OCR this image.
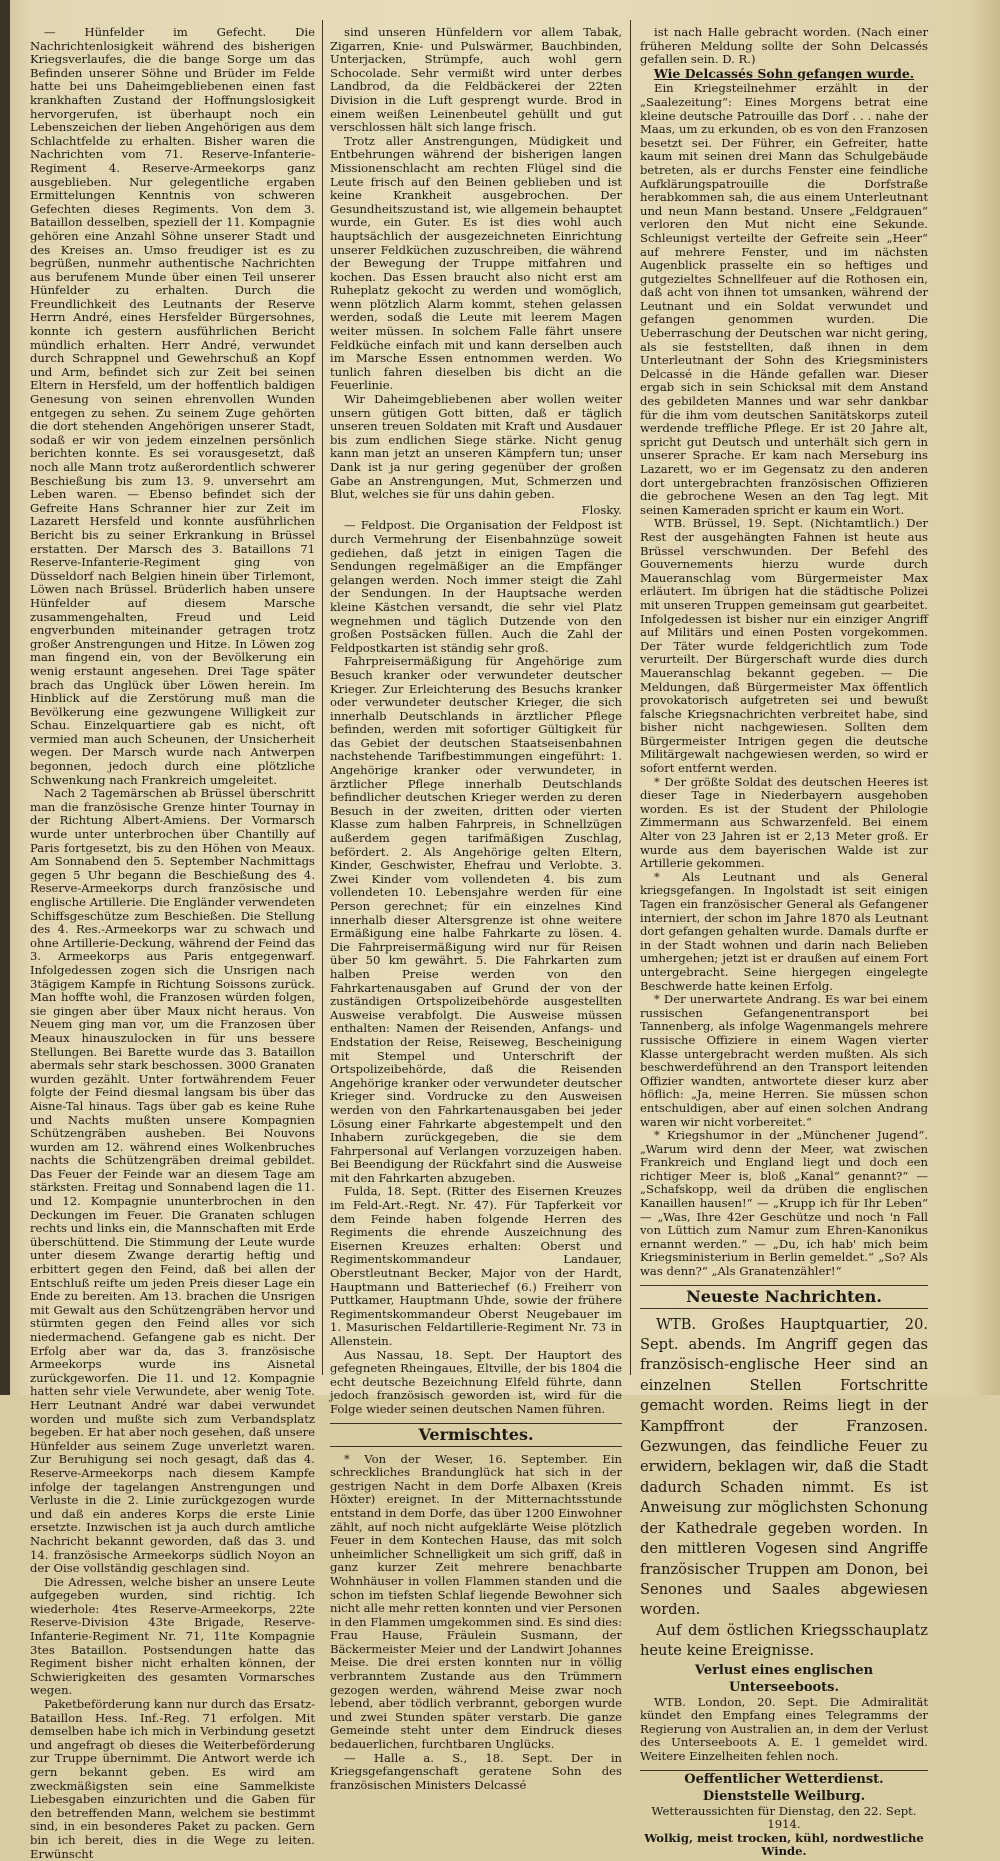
— Hünfelder im Gefecht. Die Nachrichtenlosigkeit während des bisherigen Kriegsverlaufes, die die bange Sorge um das Befinden unserer Söhne und Brüder im Felde hatte bei uns Daheimgebliebenen einen fast krankhaften Zustand der Hoffnungslosigkeit hervorgerufen, ist überhaupt noch ein Lebenszeichen der lieben Angehörigen aus dem Schlachtfelde zu erhalten. Bisher waren die Nachrichten vom 71. Reserve-Infanterie-Regiment 4. Reserve-Armeekorps ganz ausgeblieben. Nur gelegentliche ergaben Ermittelungen Kenntnis von schweren Gefechten dieses Regiments. Von dem 3. Bataillon desselben, speziell der 11. Kompagnie gehören eine Anzahl Söhne unserer Stadt und des Kreises an. Umso freudiger ist es zu begrüßen, nunmehr authentische Nachrichten aus berufenem Munde über einen Teil unserer Hünfelder zu erhalten. Durch die Freundlichkeit des Leutnants der Reserve Herrn André, eines Hersfelder Bürgersohnes, konnte ich gestern ausführlichen Bericht mündlich erhalten. Herr André, verwundet durch Schrappnel und Gewehrschuß an Kopf und Arm, befindet sich zur Zeit bei seinen Eltern in Hersfeld, um der hoffentlich baldigen Genesung von seinen ehrenvollen Wunden entgegen zu sehen. Zu seinem Zuge gehörten die dort stehenden Angehörigen unserer Stadt, sodaß er wir von jedem einzelnen persönlich berichten konnte. Es sei vorausgesetzt, daß noch alle Mann trotz außerordentlich schwerer Beschießung bis zum 13. 9. unversehrt am Leben waren. — Ebenso befindet sich der Gefreite Hans Schranner hier zur Zeit im Lazarett Hersfeld und konnte ausführlichen Bericht bis zu seiner Erkrankung in Brüssel erstatten. Der Marsch des 3. Bataillons 71 Reserve-Infanterie-Regiment ging von Düsseldorf nach Belgien hinein über Tirlemont, Löwen nach Brüssel. Brüderlich haben unsere Hünfelder auf diesem Marsche zusammengehalten, Freud und Leid engverbunden miteinander getragen trotz großer Anstrengungen und Hitze. In Löwen zog man fingend ein, von der Bevölkerung ein wenig erstaunt angesehen. Drei Tage später brach das Unglück über Löwen herein. Im Hinblick auf die Zerstörung muß man die Bevölkerung eine gezwungene Willigkeit zur Schau. Einzelquartiere gab es nicht, oft vermied man auch Scheunen, der Unsicherheit wegen. Der Marsch wurde nach Antwerpen begonnen, jedoch durch eine plötzliche Schwenkung nach Frankreich umgeleitet.

Nach 2 Tagemärschen ab Brüssel überschritt man die französische Grenze hinter Tournay in der Richtung Albert-Amiens. Der Vormarsch wurde unter unterbrochen über Chantilly auf Paris fortgesetzt, bis zu den Höhen von Meaux. Am Sonnabend den 5. September Nachmittags gegen 5 Uhr begann die Beschießung des 4. Reserve-Armeekorps durch französische und englische Artillerie. Die Engländer verwendeten Schiffsgeschütze zum Beschießen. Die Stellung des 4. Res.-Armeekorps war zu schwach und ohne Artillerie-Deckung, während der Feind das 3. Armeekorps aus Paris entgegenwarf. Infolgedessen zogen sich die Unsrigen nach 3tägigem Kampfe in Richtung Soissons zurück. Man hoffte wohl, die Franzosen würden folgen, sie gingen aber über Maux nicht heraus. Von Neuem ging man vor, um die Franzosen über Meaux hinauszulocken in für uns bessere Stellungen. Bei Barette wurde das 3. Bataillon abermals sehr stark beschossen. 3000 Granaten wurden gezählt. Unter fortwährendem Feuer folgte der Feind diesmal langsam bis über das Aisne-Tal hinaus. Tags über gab es keine Ruhe und Nachts mußten unsere Kompagnien Schützengräben ausheben. Bei Nouvons wurden am 12. während eines Wolkenbruches nachts die Schützengräben dreimal gebildet. Das Feuer der Feinde war an diesem Tage am stärksten. Freitag und Sonnabend lagen die 11. und 12. Kompagnie ununterbrochen in den Deckungen im Feuer. Die Granaten schlugen rechts und links ein, die Mannschaften mit Erde überschüttend. Die Stimmung der Leute wurde unter diesem Zwange derartig heftig und erbittert gegen den Feind, daß bei allen der Entschluß reifte um jeden Preis dieser Lage ein Ende zu bereiten. Am 13. brachen die Unsrigen mit Gewalt aus den Schützengräben hervor und stürmten gegen den Feind alles vor sich niedermachend. Gefangene gab es nicht. Der Erfolg aber war da, das 3. französische Armeekorps wurde ins Aisnetal zurückgeworfen. Die 11. und 12. Kompagnie hatten sehr viele Verwundete, aber wenig Tote. Herr Leutnant André war dabei verwundet worden und mußte sich zum Verbandsplatz begeben. Er hat aber noch gesehen, daß unsere Hünfelder aus seinem Zuge unverletzt waren. Zur Beruhigung sei noch gesagt, daß das 4. Reserve-Armeekorps nach diesem Kampfe infolge der tagelangen Anstrengungen und Verluste in die 2. Linie zurückgezogen wurde und daß ein anderes Korps die erste Linie ersetzte. Inzwischen ist ja auch durch amtliche Nachricht bekannt geworden, daß das 3. und 14. französische Armeekorps südlich Noyon an der Oise vollständig geschlagen sind.

Die Adressen, welche bisher an unsere Leute aufgegeben wurden, sind richtig. Ich wiederhole: 4tes Reserve-Armeekorps, 22te Reserve-Division 43te Brigade, Reserve-Infanterie-Regiment Nr. 71, 11te Kompagnie 3tes Bataillon. Postsendungen hatte das Regiment bisher nicht erhalten können, der Schwierigkeiten des gesamten Vormarsches wegen.

Paketbeförderung kann nur durch das Ersatz-Bataillon Hess. Inf.-Reg. 71 erfolgen. Mit demselben habe ich mich in Verbindung gesetzt und angefragt ob dieses die Weiterbeförderung zur Truppe übernimmt. Die Antwort werde ich gern bekannt geben. Es wird am zweckmäßigsten sein eine Sammelkiste Liebesgaben einzurichten und die Gaben für den betreffenden Mann, welchem sie bestimmt sind, in ein besonderes Paket zu packen. Gern bin ich bereit, dies in die Wege zu leiten. Erwünscht

sind unseren Hünfeldern vor allem Tabak, Zigarren, Knie- und Pulswärmer, Bauchbinden, Unterjacken, Strümpfe, auch wohl gern Schocolade. Sehr vermißt wird unter derbes Landbrod, da die Feldbäckerei der 22ten Division in die Luft gesprengt wurde. Brod in einem weißen Leinenbeutel gehüllt und gut verschlossen hält sich lange frisch.

Trotz aller Anstrengungen, Müdigkeit und Entbehrungen während der bisherigen langen Missionenschlacht am rechten Flügel sind die Leute frisch auf den Beinen geblieben und ist keine Krankheit ausgebrochen. Der Gesundheitszustand ist, wie allgemein behauptet wurde, ein Guter. Es ist dies wohl auch hauptsächlich der ausgezeichneten Einrichtung unserer Feldküchen zuzuschreiben, die während der Bewegung der Truppe mitfahren und kochen. Das Essen braucht also nicht erst am Ruheplatz gekocht zu werden und womöglich, wenn plötzlich Alarm kommt, stehen gelassen werden, sodaß die Leute mit leerem Magen weiter müssen. In solchem Falle fährt unsere Feldküche einfach mit und kann derselben auch im Marsche Essen entnommen werden. Wo tunlich fahren dieselben bis dicht an die Feuerlinie.

Wir Daheimgebliebenen aber wollen weiter unsern gütigen Gott bitten, daß er täglich unseren treuen Soldaten mit Kraft und Ausdauer bis zum endlichen Siege stärke. Nicht genug kann man jetzt an unseren Kämpfern tun; unser Dank ist ja nur gering gegenüber der großen Gabe an Anstrengungen, Mut, Schmerzen und Blut, welches sie für uns dahin geben.

Flosky.

— Feldpost. Die Organisation der Feldpost ist durch Vermehrung der Eisenbahnzüge soweit gediehen, daß jetzt in einigen Tagen die Sendungen regelmäßiger an die Empfänger gelangen werden. Noch immer steigt die Zahl der Sendungen. In der Hauptsache werden kleine Kästchen versandt, die sehr viel Platz wegnehmen und täglich Dutzende von den großen Postsäcken füllen. Auch die Zahl der Feldpostkarten ist ständig sehr groß.

Fahrpreisermäßigung für Angehörige zum Besuch kranker oder verwundeter deutscher Krieger. Zur Erleichterung des Besuchs kranker oder verwundeter deutscher Krieger, die sich innerhalb Deutschlands in ärztlicher Pflege befinden, werden mit sofortiger Gültigkeit für das Gebiet der deutschen Staatseisenbahnen nachstehende Tarifbestimmungen eingeführt: 1. Angehörige kranker oder verwundeter, in ärztlicher Pflege innerhalb Deutschlands befindlicher deutschen Krieger werden zu deren Besuch in der zweiten, dritten oder vierten Klasse zum halben Fahrpreis, in Schnellzügen außerdem gegen tarifmäßigen Zuschlag, befördert. 2. Als Angehörige gelten Eltern, Kinder, Geschwister, Ehefrau und Verlobte. 3. Zwei Kinder vom vollendeten 4. bis zum vollendeten 10. Lebensjahre werden für eine Person gerechnet; für ein einzelnes Kind innerhalb dieser Altersgrenze ist ohne weitere Ermäßigung eine halbe Fahrkarte zu lösen. 4. Die Fahrpreisermäßigung wird nur für Reisen über 50 km gewährt. 5. Die Fahrkarten zum halben Preise werden von den Fahrkartenausgaben auf Grund der von der zuständigen Ortspolizeibehörde ausgestellten Ausweise verabfolgt. Die Ausweise müssen enthalten: Namen der Reisenden, Anfangs- und Endstation der Reise, Reiseweg, Bescheinigung mit Stempel und Unterschrift der Ortspolizeibehörde, daß die Reisenden Angehörige kranker oder verwundeter deutscher Krieger sind. Vordrucke zu den Ausweisen werden von den Fahrkartenausgaben bei jeder Lösung einer Fahrkarte abgestempelt und den Inhabern zurückgegeben, die sie dem Fahrpersonal auf Verlangen vorzuzeigen haben. Bei Beendigung der Rückfahrt sind die Ausweise mit den Fahrkarten abzugeben.

Fulda, 18. Sept. (Ritter des Eisernen Kreuzes im Feld-Art.-Regt. Nr. 47). Für Tapferkeit vor dem Feinde haben folgende Herren des Regiments die ehrende Auszeichnung des Eisernen Kreuzes erhalten: Oberst und Regimentskommandeur Landauer, Oberstleutnant Becker, Major von der Hardt, Hauptmann und Batteriechef (6.) Freiherr von Puttkamer, Hauptmann Uhde, sowie der frühere Regimentskommandeur Oberst Neugebauer im 1. Masurischen Feldartillerie-Regiment Nr. 73 in Allenstein.

Aus Nassau, 18. Sept. Der Hauptort des gefegneten Rheingaues, Eltville, der bis 1804 die echt deutsche Bezeichnung Elfeld führte, dann jedoch französisch geworden ist, wird für die Folge wieder seinen deutschen Namen führen.

Vermischtes.

* Von der Weser, 16. September. Ein schreckliches Brandunglück hat sich in der gestrigen Nacht in dem Dorfe Albaxen (Kreis Höxter) ereignet. In der Mitternachtsstunde entstand in dem Dorfe, das über 1200 Einwohner zählt, auf noch nicht aufgeklärte Weise plötzlich Feuer in dem Kontechen Hause, das mit solch unheimlicher Schnelligkeit um sich griff, daß in ganz kurzer Zeit mehrere benachbarte Wohnhäuser in vollen Flammen standen und die schon im tiefsten Schlaf liegende Bewohner sich nicht alle mehr retten konnten und vier Personen in den Flammen umgekommen sind. Es sind dies: Frau Hause, Fräulein Susmann, der Bäckermeister Meier und der Landwirt Johannes Meise. Die drei ersten konnten nur in völlig verbranntem Zustande aus den Trümmern gezogen werden, während Meise zwar noch lebend, aber tödlich verbrannt, geborgen wurde und zwei Stunden später verstarb. Die ganze Gemeinde steht unter dem Eindruck dieses bedauerlichen, furchtbaren Unglücks.

— Halle a. S., 18. Sept. Der in Kriegsgefangenschaft geratene Sohn des französischen Ministers Delcassé

ist nach Halle gebracht worden. (Nach einer früheren Meldung sollte der Sohn Delcassés gefallen sein. D. R.)

Wie Delcassés Sohn gefangen wurde.

Ein Kriegsteilnehmer erzählt in der „Saalezeitung“: Eines Morgens betrat eine kleine deutsche Patrouille das Dorf . . . nahe der Maas, um zu erkunden, ob es von den Franzosen besetzt sei. Der Führer, ein Gefreiter, hatte kaum mit seinen drei Mann das Schulgebäude betreten, als er durchs Fenster eine feindliche Aufklärungspatrouille die Dorfstraße herabkommen sah, die aus einem Unterleutnant und neun Mann bestand. Unsere „Feldgrauen“ verloren den Mut nicht eine Sekunde. Schleunigst verteilte der Gefreite sein „Heer“ auf mehrere Fenster, und im nächsten Augenblick prasselte ein so heftiges und gutgezieltes Schnellfeuer auf die Rothosen ein, daß acht von ihnen tot umsanken, während der Leutnant und ein Soldat verwundet und gefangen genommen wurden. Die Ueberraschung der Deutschen war nicht gering, als sie feststellten, daß ihnen in dem Unterleutnant der Sohn des Kriegsministers Delcassé in die Hände gefallen war. Dieser ergab sich in sein Schicksal mit dem Anstand des gebildeten Mannes und war sehr dankbar für die ihm vom deutschen Sanitätskorps zuteil werdende treffliche Pflege. Er ist 20 Jahre alt, spricht gut Deutsch und unterhält sich gern in unserer Sprache. Er kam nach Merseburg ins Lazarett, wo er im Gegensatz zu den anderen dort untergebrachten französischen Offizieren die gebrochene Wesen an den Tag legt. Mit seinen Kameraden spricht er kaum ein Wort.

WTB. Brüssel, 19. Sept. (Nichtamtlich.) Der Rest der ausgehängten Fahnen ist heute aus Brüssel verschwunden. Der Befehl des Gouvernements hierzu wurde durch Maueranschlag vom Bürgermeister Max erläutert. Im übrigen hat die städtische Polizei mit unseren Truppen gemeinsam gut gearbeitet. Infolgedessen ist bisher nur ein einziger Angriff auf Militärs und einen Posten vorgekommen. Der Täter wurde feldgerichtlich zum Tode verurteilt. Der Bürgerschaft wurde dies durch Maueranschlag bekannt gegeben. — Die Meldungen, daß Bürgermeister Max öffentlich provokatorisch aufgetreten sei und bewußt falsche Kriegsnachrichten verbreitet habe, sind bisher nicht nachgewiesen. Sollten dem Bürgermeister Intrigen gegen die deutsche Militärgewalt nachgewiesen werden, so wird er sofort entfernt werden.

* Der größte Soldat des deutschen Heeres ist dieser Tage in Niederbayern ausgehoben worden. Es ist der Student der Philologie Zimmermann aus Schwarzenfeld. Bei einem Alter von 23 Jahren ist er 2,13 Meter groß. Er wurde aus dem bayerischen Walde ist zur Artillerie gekommen.

* Als Leutnant und als General kriegsgefangen. In Ingolstadt ist seit einigen Tagen ein französischer General als Gefangener interniert, der schon im Jahre 1870 als Leutnant dort gefangen gehalten wurde. Damals durfte er in der Stadt wohnen und darin nach Belieben umhergehen; jetzt ist er draußen auf einem Fort untergebracht. Seine hiergegen eingelegte Beschwerde hatte keinen Erfolg.

* Der unerwartete Andrang. Es war bei einem russischen Gefangenentransport bei Tannenberg, als infolge Wagenmangels mehrere russische Offiziere in einem Wagen vierter Klasse untergebracht werden mußten. Als sich beschwerdeführend an den Transport leitenden Offizier wandten, antwortete dieser kurz aber höflich: „Ja, meine Herren. Sie müssen schon entschuldigen, aber auf einen solchen Andrang waren wir nicht vorbereitet.“

* Kriegshumor in der „Münchener Jugend“. „Warum wird denn der Meer, wat zwischen Frankreich und England liegt und doch een richtiger Meer is, bloß „Kanal“ genannt?“ — „Schafskopp, weil da drüben die englischen Kanaillen hausen!“ — „Krupp ich für Ihr Leben“ — „Was, Ihre 42er Geschütze und noch 'n Fall von Lüttich zum Namur zum Ehren-Kanonikus ernannt werden.“ — „Du, ich hab' mich beim Kriegsministerium in Berlin gemeldet.“ „So? Als was denn?“ „Als Granatenzähler!“

Neueste Nachrichten.

WTB. Großes Hauptquartier, 20. Sept. abends. Im Angriff gegen das französisch-englische Heer sind an einzelnen Stellen Fortschritte gemacht worden. Reims liegt in der Kampffront der Franzosen. Gezwungen, das feindliche Feuer zu erwidern, beklagen wir, daß die Stadt dadurch Schaden nimmt. Es ist Anweisung zur möglichsten Schonung der Kathedrale gegeben worden. In den mittleren Vogesen sind Angriffe französischer Truppen am Donon, bei Senones und Saales abgewiesen worden.

Auf dem östlichen Kriegsschauplatz heute keine Ereignisse.

Verlust eines englischen Unterseeboots.

WTB. London, 20. Sept. Die Admiralität kündet den Empfang eines Telegramms der Regierung von Australien an, in dem der Verlust des Unterseeboots A. E. 1 gemeldet wird. Weitere Einzelheiten fehlen noch.

Oeffentlicher Wetterdienst.
Dienststelle Weilburg.
Wetteraussichten für Dienstag, den 22. Sept. 1914.
Wolkig, meist trocken, kühl, nordwestliche Winde.
